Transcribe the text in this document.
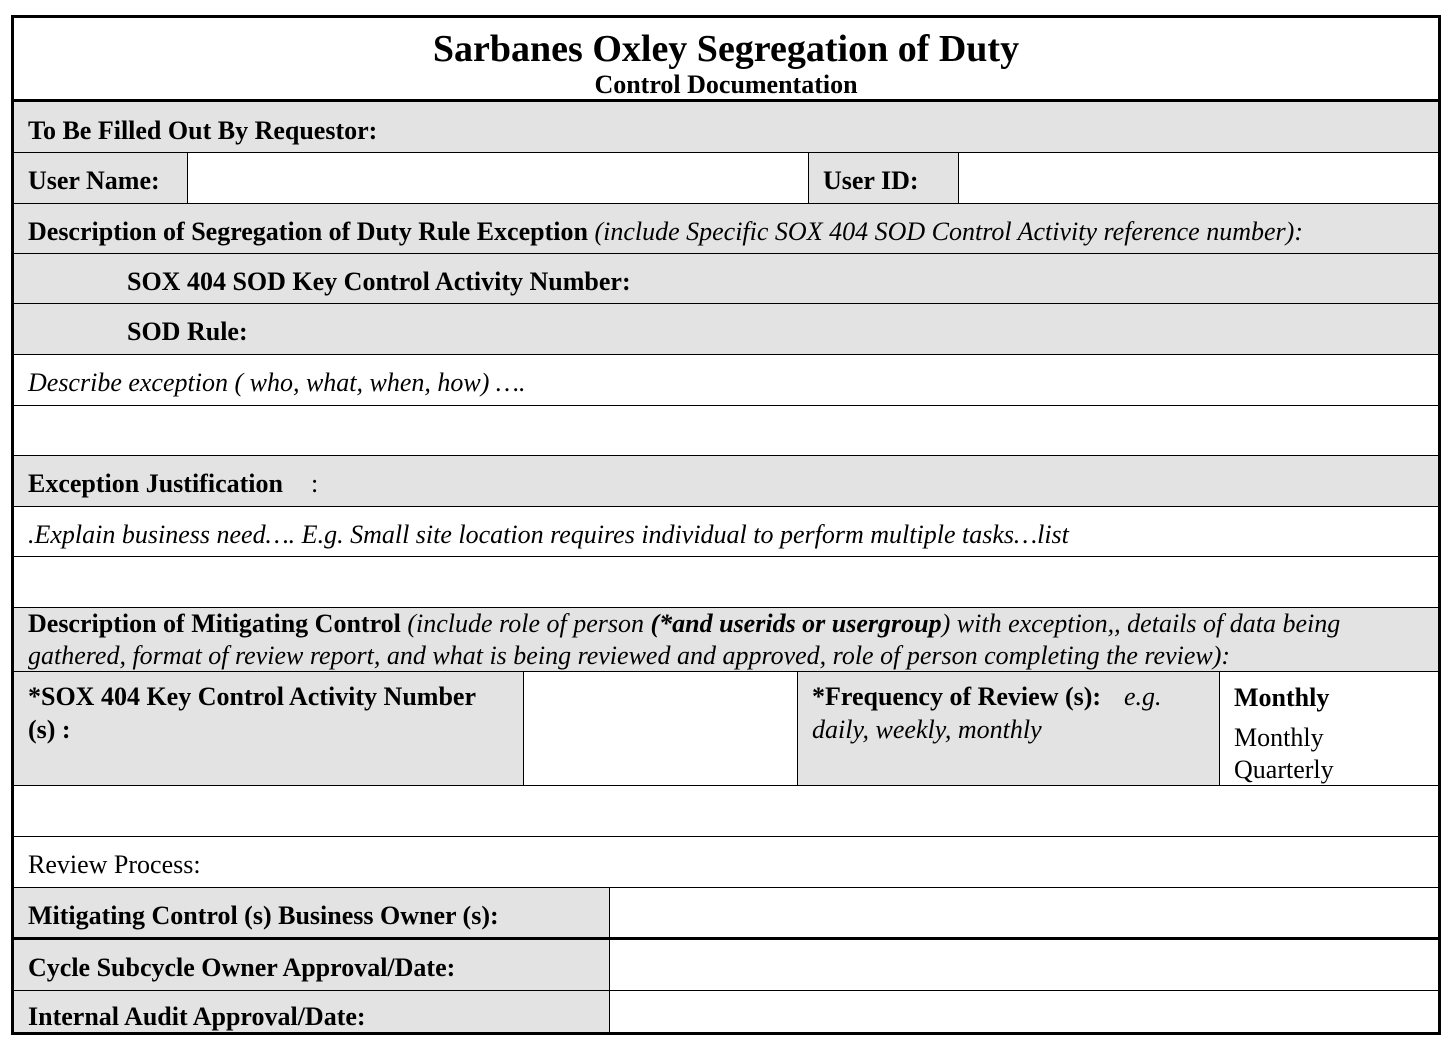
Sarbanes Oxley Segregation of Duty
Control Documentation
To Be Filled Out By Requestor:
User Name:	User ID:
Description of Segregation of Duty Rule Exception (include Specific SOX 404 SOD Control Activity reference number):
SOX 404 SOD Key Control Activity Number:
SOD Rule:
Describe exception ( who, what, when, how) ….
Exception Justification :
.Explain business need…. E.g. Small site location requires individual to perform multiple tasks…list
Description of Mitigating Control (include role of person (*and userids or usergroup) with exception,, details of data being
gathered, format of review report, and what is being reviewed and approved, role of person completing the review):
*SOX 404 Key Control Activity Number
(s) :
*Frequency of Review (s): e.g.
daily, weekly, monthly
Monthly
Monthly
Quarterly
Review Process:
Mitigating Control (s) Business Owner (s):
Cycle Subcycle Owner Approval/Date:
Internal Audit Approval/Date:
